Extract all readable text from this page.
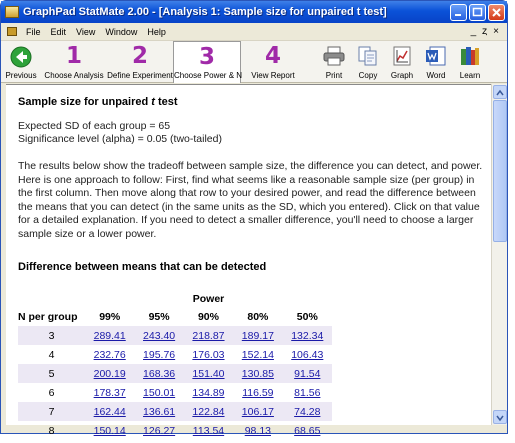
GraphPad StatMate 2.00 - [Analysis 1: Sample size for unpaired t test]
File	Edit	View	Window	Help	_ ȥ ×
Previous
1
Choose Analysis
2
Define Experiment
3
Choose Power & N
4
View Report	Print	Copy	Graph	Word	Learn
Sample size for unpaired t test
Expected SD of each group = 65
Significance level (alpha) = 0.05 (two-tailed)
The results below show the tradeoff between sample size, the difference you can detect, and power. Here is one approach to follow: First, find what seems like a reasonable sample size (per group) in the first column. Then move along that row to your desired power, and read the difference between the means that you can detect (in the same units as the SD, which you entered). Click on that value for a detailed explanation. If you need to detect a smaller difference, you'll need to choose a larger sample size or a lower power.
Difference between means that can be detected
	Power				
N per group	99%	95%	90%	80%	50%
3	289.41	243.40	218.87	189.17	132.34
4	232.76	195.76	176.03	152.14	106.43
5	200.19	168.36	151.40	130.85	91.54
6	178.37	150.01	134.89	116.59	81.56
7	162.44	136.61	122.84	106.17	74.28
8	150.14	126.27	113.54	98.13	68.65
